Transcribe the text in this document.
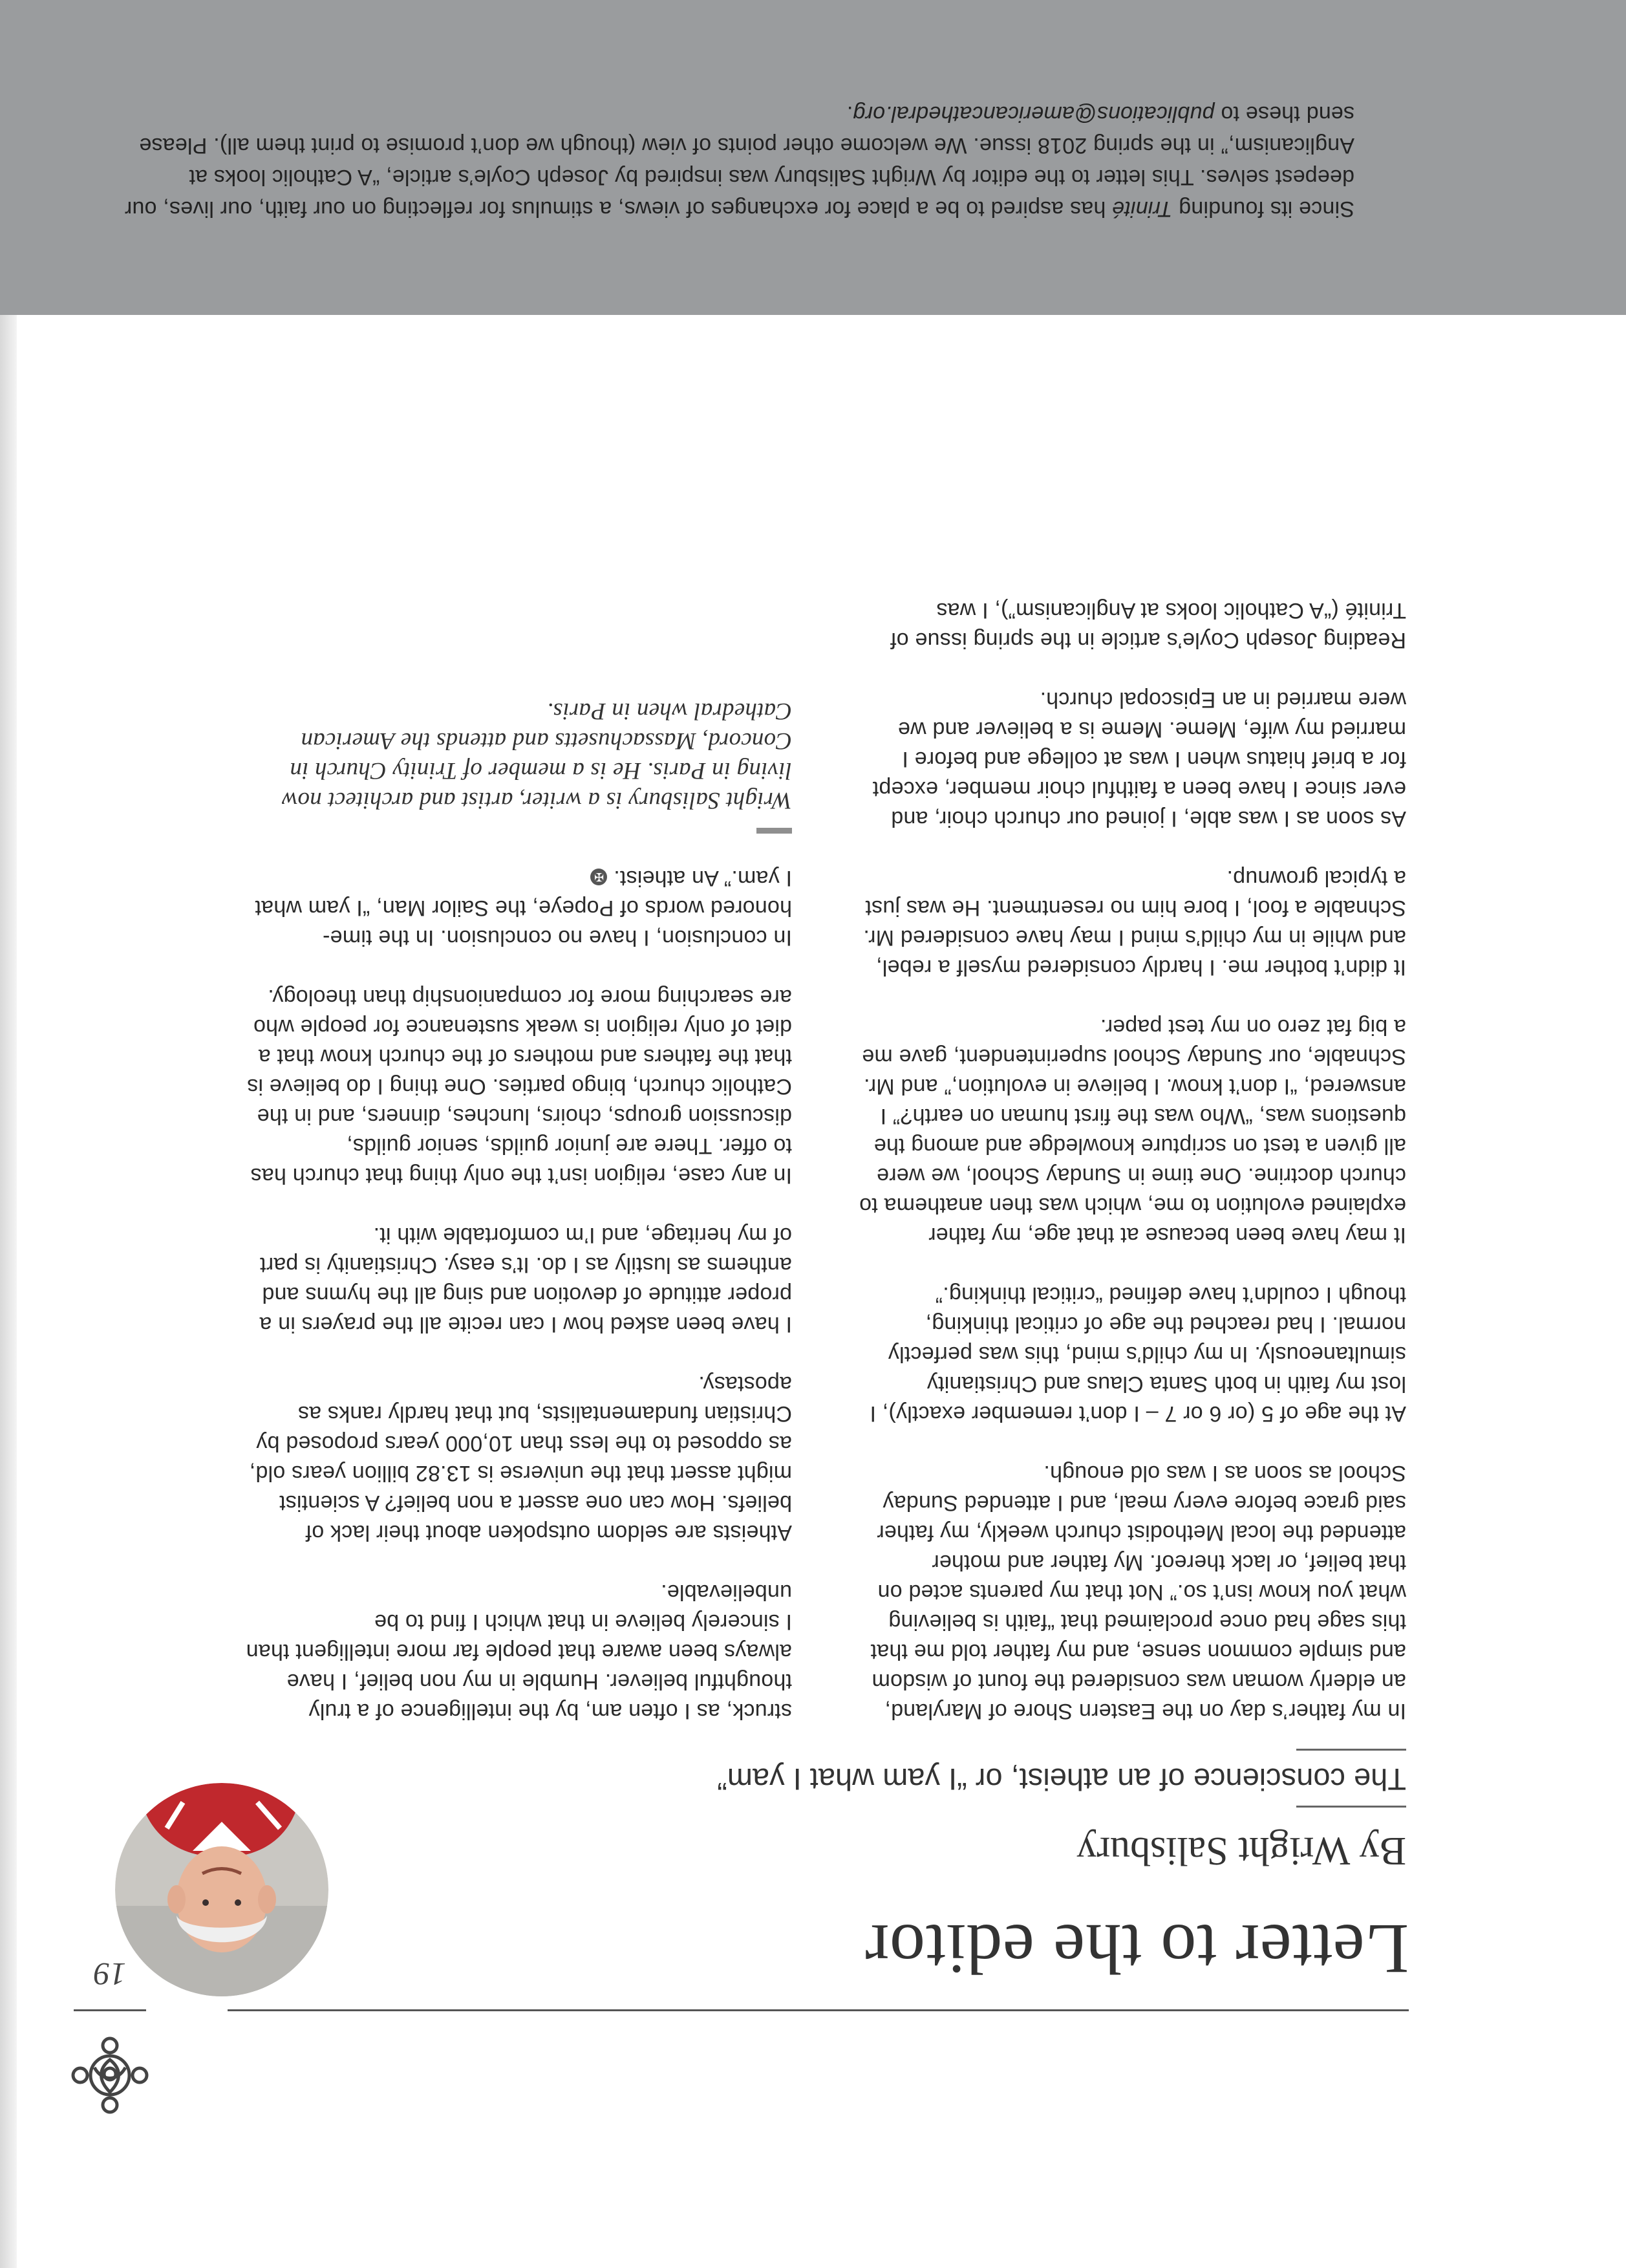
19	Letter to the editor
By Wright Salisbury
The conscience of an atheist, or “I yam what I yam”

In my father’s day on the Eastern Shore of Maryland, an elderly woman was considered the fount of wisdom and simple common sense, and my father told me that this sage had once proclaimed that “faith is believing what you know isn’t so.” Not that my parents acted on that belief, or lack thereof. My father and mother attended the local Methodist church weekly, my father said grace before every meal, and I attended Sunday School as soon as I was old enough.

At the age of 5 (or 6 or 7 – I don’t remember exactly), I lost my faith in both Santa Claus and Christianity simultaneously. In my child’s mind, this was perfectly normal. I had reached the age of critical thinking, though I couldn’t have defined “critical thinking.”

It may have been because at that age, my father explained evolution to me, which was then anathema to church doctrine. One time in Sunday School, we were all given a test on scripture knowledge and among the questions was, “Who was the first human on earth?” I answered, “I don’t know. I believe in evolution,” and Mr. Schnable, our Sunday School superintendent, gave me a big fat zero on my test paper.

It didn’t bother me. I hardly considered myself a rebel, and while in my child’s mind I may have considered Mr. Schnable a fool, I bore him no resentment. He was just a typical grownup.

As soon as I was able, I joined our church choir, and ever since I have been a faithful choir member, except for a brief hiatus when I was at college and before I married my wife, Meme. Meme is a believer and we were married in an Episcopal church.

Reading Joseph Coyle’s article in the spring issue of Trinité (“A Catholic looks at Anglicanism”), I was

struck, as I often am, by the intelligence of a truly thoughtful believer. Humble in my non belief, I have always been aware that people far more intelligent than I sincerely believe in that which I find to be unbelievable.

Atheists are seldom outspoken about their lack of beliefs. How can one assert a non belief? A scientist might assert that the universe is 13.82 billion years old, as opposed to the less than 10,000 years proposed by Christian fundamentalists, but that hardly ranks as apostasy.

I have been asked how I can recite all the prayers in a proper attitude of devotion and sing all the hymns and anthems as lustily as I do. It’s easy. Christianity is part of my heritage, and I’m comfortable with it.

In any case, religion isn’t the only thing that church has to offer. There are junior guilds, senior guilds, discussion groups, choirs, lunches, dinners, and in the Catholic church, bingo parties. One thing I do believe is that the fathers and mothers of the church know that a diet of only religion is weak sustenance for people who are searching more for companionship than theology.

In conclusion, I have no conclusion. In the time-honored words of Popeye, the Sailor Man, “I yam what I yam.” An atheist. ✠

Wright Salisbury is a writer, artist and architect now living in Paris. He is a member of Trinity Church in Concord, Massachusetts and attends the American Cathedral when in Paris.

Since its founding Trinité has aspired to be a place for exchanges of views, a stimulus for reflecting on our faith, our lives, our deepest selves. This letter to the editor by Wright Salisbury was inspired by Joseph Coyle’s article, “A Catholic looks at Anglicanism,” in the spring 2018 issue. We welcome other points of view (though we don’t promise to print them all). Please send these to publications@americancathedral.org.
